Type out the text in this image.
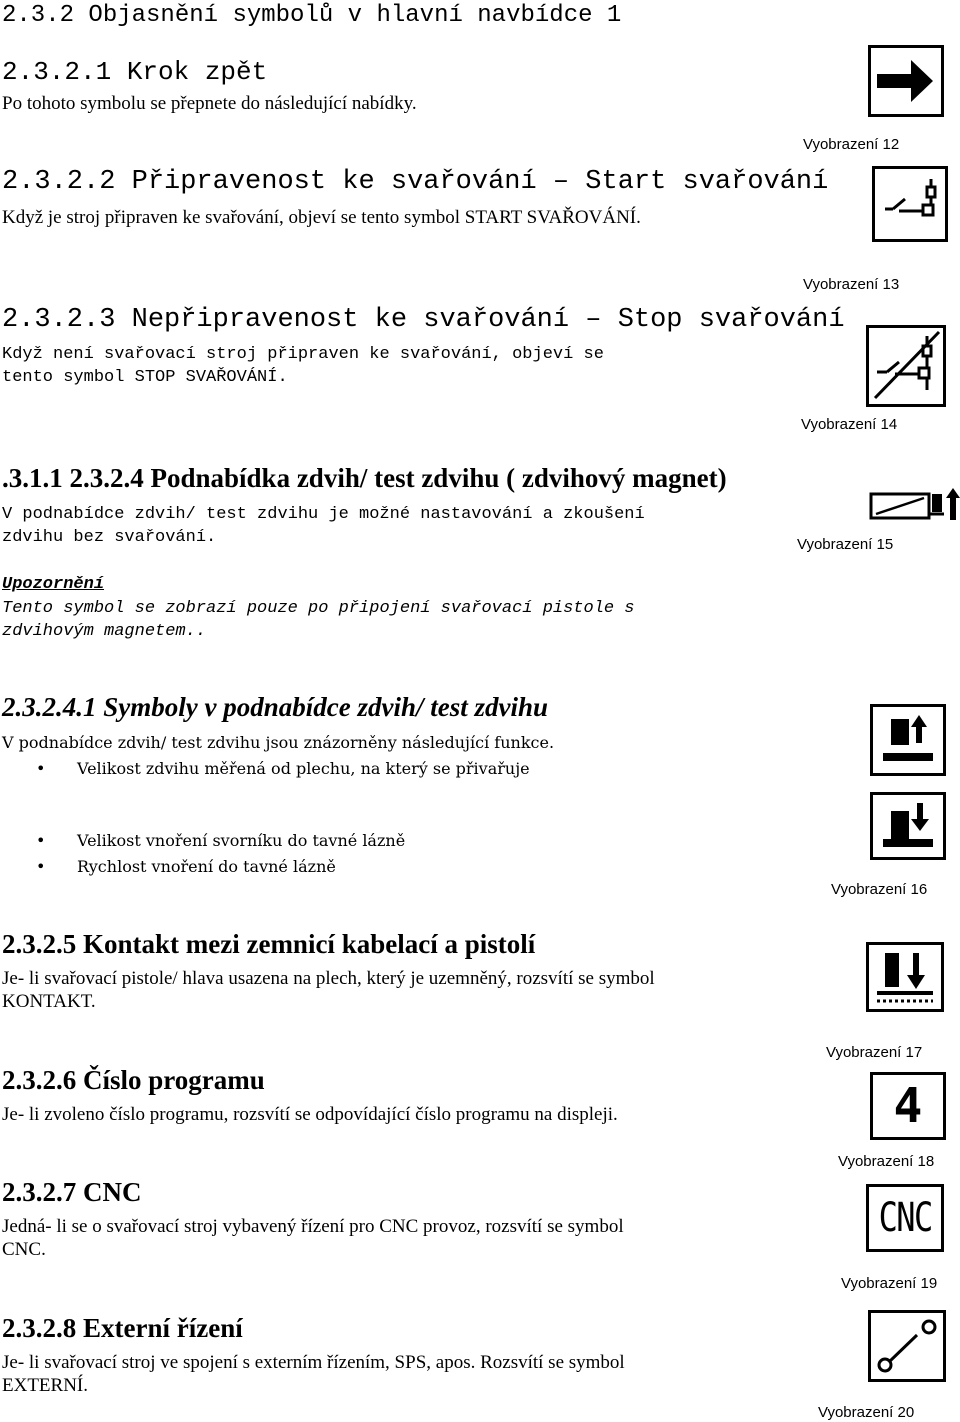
2.3.2 Objasnění symbolů v hlavní navbídce 1
2.3.2.1 Krok zpět
Po tohoto symbolu se přepnete do následující nabídky.
Vyobrazení 12
2.3.2.2 Připravenost ke svařování – Start svařování
Když je stroj připraven ke svařování, objeví se tento symbol START SVAŘOVÁNÍ.
Vyobrazení 13
2.3.2.3 Nepřipravenost ke svařování – Stop svařování
Když není svařovací stroj připraven ke svařování, objeví se tento symbol STOP SVAŘOVÁNÍ.
Vyobrazení 14
.3.1.1 2.3.2.4 Podnabídka zdvih/ test zdvihu ( zdvihový magnet)
V podnabídce zdvih/ test zdvihu je možné nastavování a zkoušení zdvihu bez svařování.	Vyobrazení 15
Upozornění
Tento symbol se zobrazí pouze po připojení svařovací pistole s zdvihovým magnetem..
2.3.2.4.1 Symboly v podnabídce zdvih/ test zdvihu
V podnabídce zdvih/ test zdvihu jsou znázorněny následující funkce.
• Velikost zdvihu měřená od plechu, na který se přivařuje
• Velikost vnoření svorníku do tavné lázně
• Rychlost vnoření do tavné lázně
Vyobrazení 16
2.3.2.5 Kontakt mezi zemnicí kabelací a pistolí
Je- li svařovací pistole/ hlava usazena na plech, který je uzemněný, rozsvítí se symbol KONTAKT.
Vyobrazení 17
2.3.2.6 Číslo programu
Je- li zvoleno číslo programu, rozsvítí se odpovídající číslo programu na displeji.	4
Vyobrazení 18
2.3.2.7 CNC
Jedná- li se o svařovací stroj vybavený řízení pro CNC provoz, rozsvítí se symbol CNC.
CNC
Vyobrazení 19
2.3.2.8 Externí řízení
Je- li svařovací stroj ve spojení s externím řízením, SPS, apos. Rozsvítí se symbol EXTERNÍ.
Vyobrazení 20
